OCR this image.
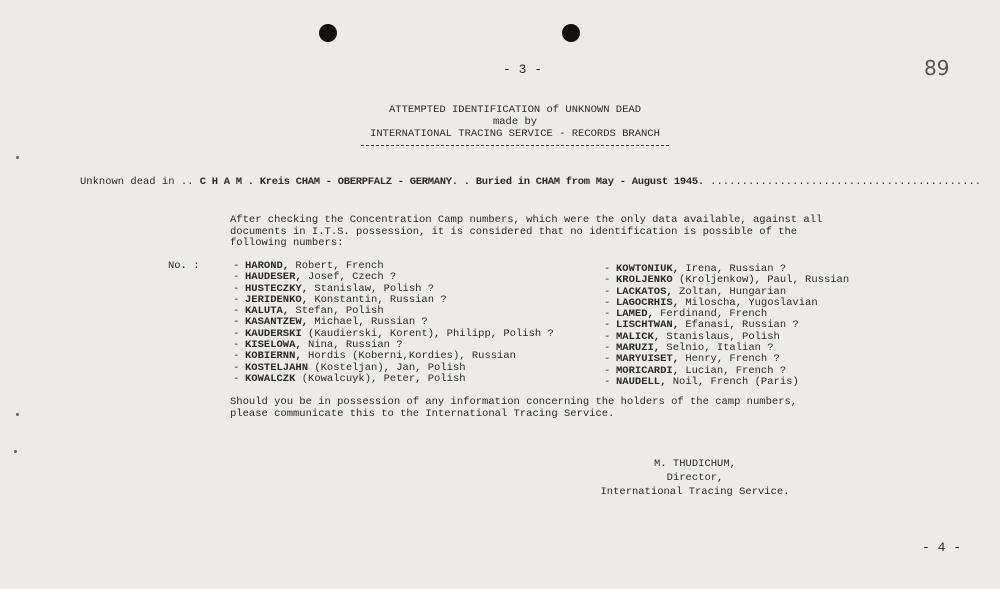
- 3 -	89
ATTEMPTED IDENTIFICATION of UNKNOWN DEAD
made by
INTERNATIONAL TRACING SERVICE - RECORDS BRANCH
Unknown dead in .. C H A M . Kreis CHAM - OBERPFALZ - GERMANY. . Buried in CHAM from May - August 1945. ...........................................
After checking the Concentration Camp numbers, which were the only data available, against all documents in I.T.S. possession, it is considered that no identification is possible of the following numbers:
No. :	- HAROND, Robert, French
- HAUDESER, Josef, Czech ?
- HUSTECZKY, Stanislaw, Polish ?
- JERIDENKO, Konstantin, Russian ?
- KALUTA, Stefan, Polish
- KASANTZEW, Michael, Russian ?
- KAUDERSKI (Kaudierski, Korent), Philipp, Polish ?
- KISELOWA, Nina, Russian ?
- KOBIERNN, Hordis (Koberni,Kordies), Russian
- KOSTELJAHN (Kosteljan), Jan, Polish
- KOWALCZK (Kowalcuyk), Peter, Polish
- KOWTONIUK, Irena, Russian ?
- KROLJENKO (Kroljenkow), Paul, Russian
- LACKATOS, Zoltan, Hungarian
- LAGOCRHIS, Miloscha, Yugoslavian
- LAMED, Ferdinand, French
- LISCHTWAN, Efanasi, Russian ?
- MALICK, Stanislaus, Polish
- MARUZI, Selnio, Italian ?
- MARYUISET, Henry, French ?
- MORICARDI, Lucian, French ?
- NAUDELL, Noil, French (Paris)
Should you be in possession of any information concerning the holders of the camp numbers, please communicate this to the International Tracing Service.
M. THUDICHUM,
Director,
International Tracing Service.
- 4 -
